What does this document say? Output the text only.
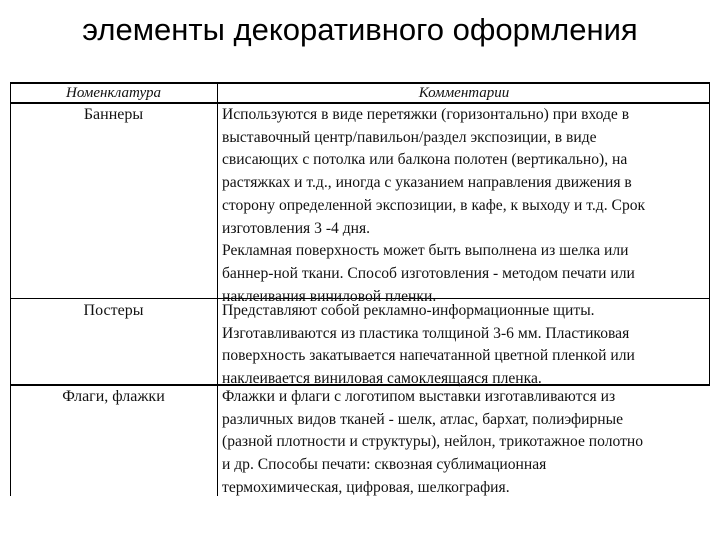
элементы декоративного оформления
Номенклатура	Комментарии
Баннеры	Используются в виде перетяжки (горизонтально) при входе в
выставочный центр/павильон/раздел экспозиции, в виде
свисающих с потолка или балкона полотен (вертикально), на
растяжках и т.д., иногда с указанием направления движения в
сторону определенной экспозиции, в кафе, к выходу и т.д. Срок
изготовления 3 -4 дня.
Рекламная поверхность может быть выполнена из шелка или
баннер-ной ткани. Способ изготовления - методом печати или
наклеивания виниловой пленки.
Постеры	Представляют собой рекламно-информационные щиты.
Изготавливаются из пластика толщиной 3-6 мм. Пластиковая
поверхность закатывается напечатанной цветной пленкой или
наклеивается виниловая самоклеящаяся пленка.
Флаги, флажки	Флажки и флаги с логотипом выставки изготавливаются из
различных видов тканей - шелк, атлас, бархат, полиэфирные
(разной плотности и структуры), нейлон, трикотажное полотно
и др. Способы печати: сквозная сублимационная
термохимическая, цифровая, шелкография.
